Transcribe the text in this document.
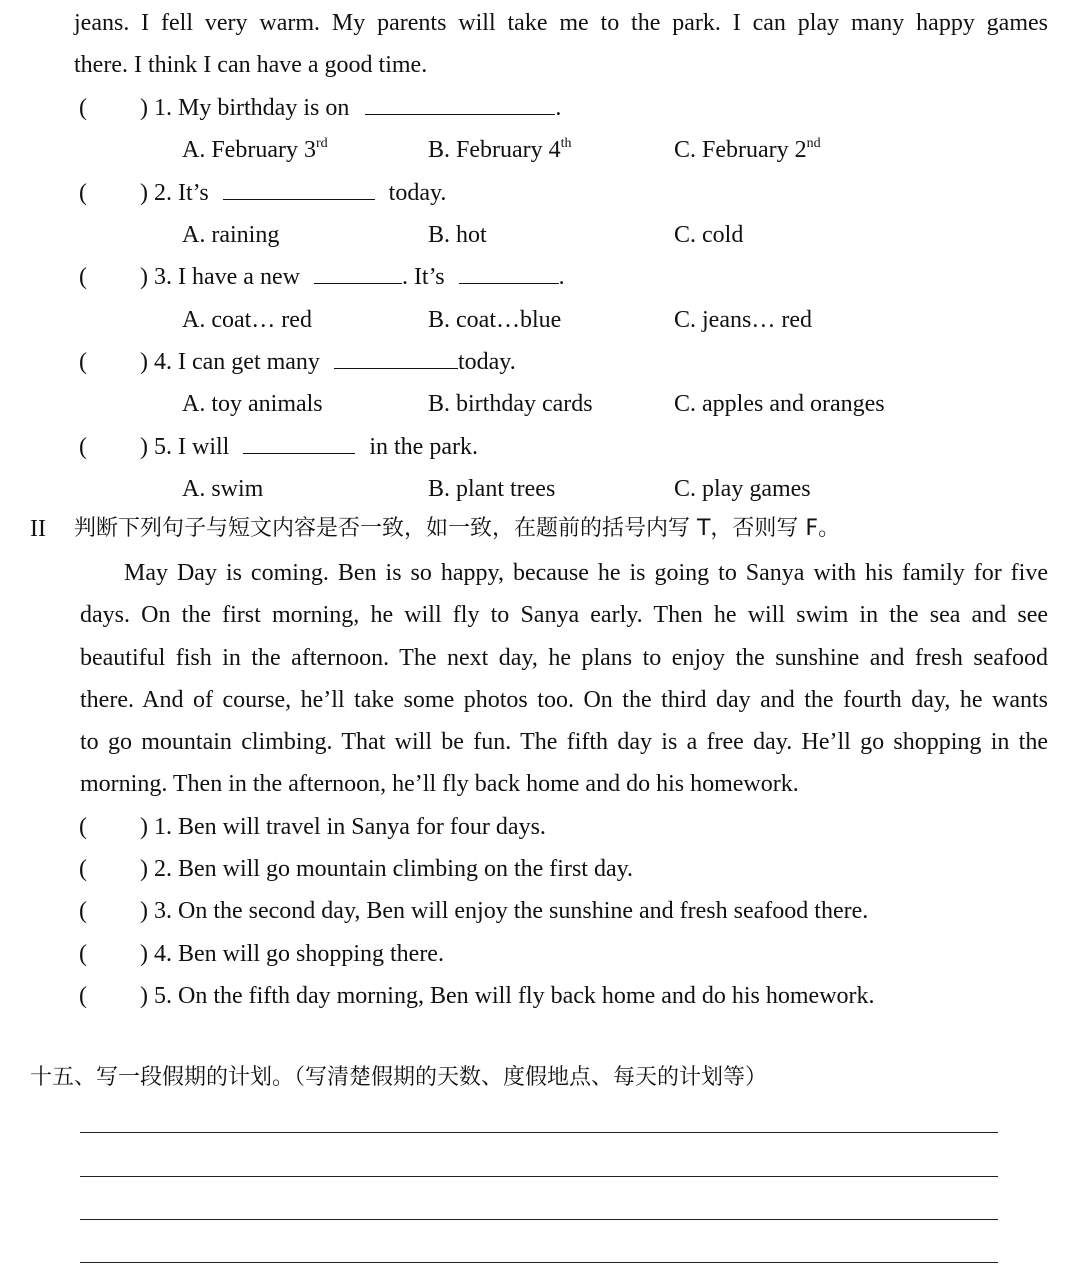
jeans. I fell very warm. My parents will take me to the park. I can play many happy games
there. I think I can have a good time.
( ) 1. My birthday is on	.
A. February 3rd	B. February 4th	C. February 2nd
( ) 2. It’s	today.
A. raining	B. hot	C. cold
( ) 3. I have a new	. It’s	.
A. coat… red	B. coat…blue	C. jeans… red
( ) 4. I can get many	today.
A. toy animals	B. birthday cards	C. apples and oranges
( ) 5. I will	in the park.
A. swim	B. plant trees	C. play games
II 判断下列句子与短文内容是否一致，如一致，在题前的括号内写 T，否则写 F。
May Day is coming. Ben is so happy, because he is going to Sanya with his family for five
days. On the first morning, he will fly to Sanya early. Then he will swim in the sea and see
beautiful fish in the afternoon. The next day, he plans to enjoy the sunshine and fresh seafood
there. And of course, he’ll take some photos too. On the third day and the fourth day, he wants
to go mountain climbing. That will be fun. The fifth day is a free day. He’ll go shopping in the
morning. Then in the afternoon, he’ll fly back home and do his homework.
( ) 1. Ben will travel in Sanya for four days.
( ) 2. Ben will go mountain climbing on the first day.
( ) 3. On the second day, Ben will enjoy the sunshine and fresh seafood there.
( ) 4. Ben will go shopping there.
( ) 5. On the fifth day morning, Ben will fly back home and do his homework.
十五、写一段假期的计划。（写清楚假期的天数、度假地点、每天的计划等）
